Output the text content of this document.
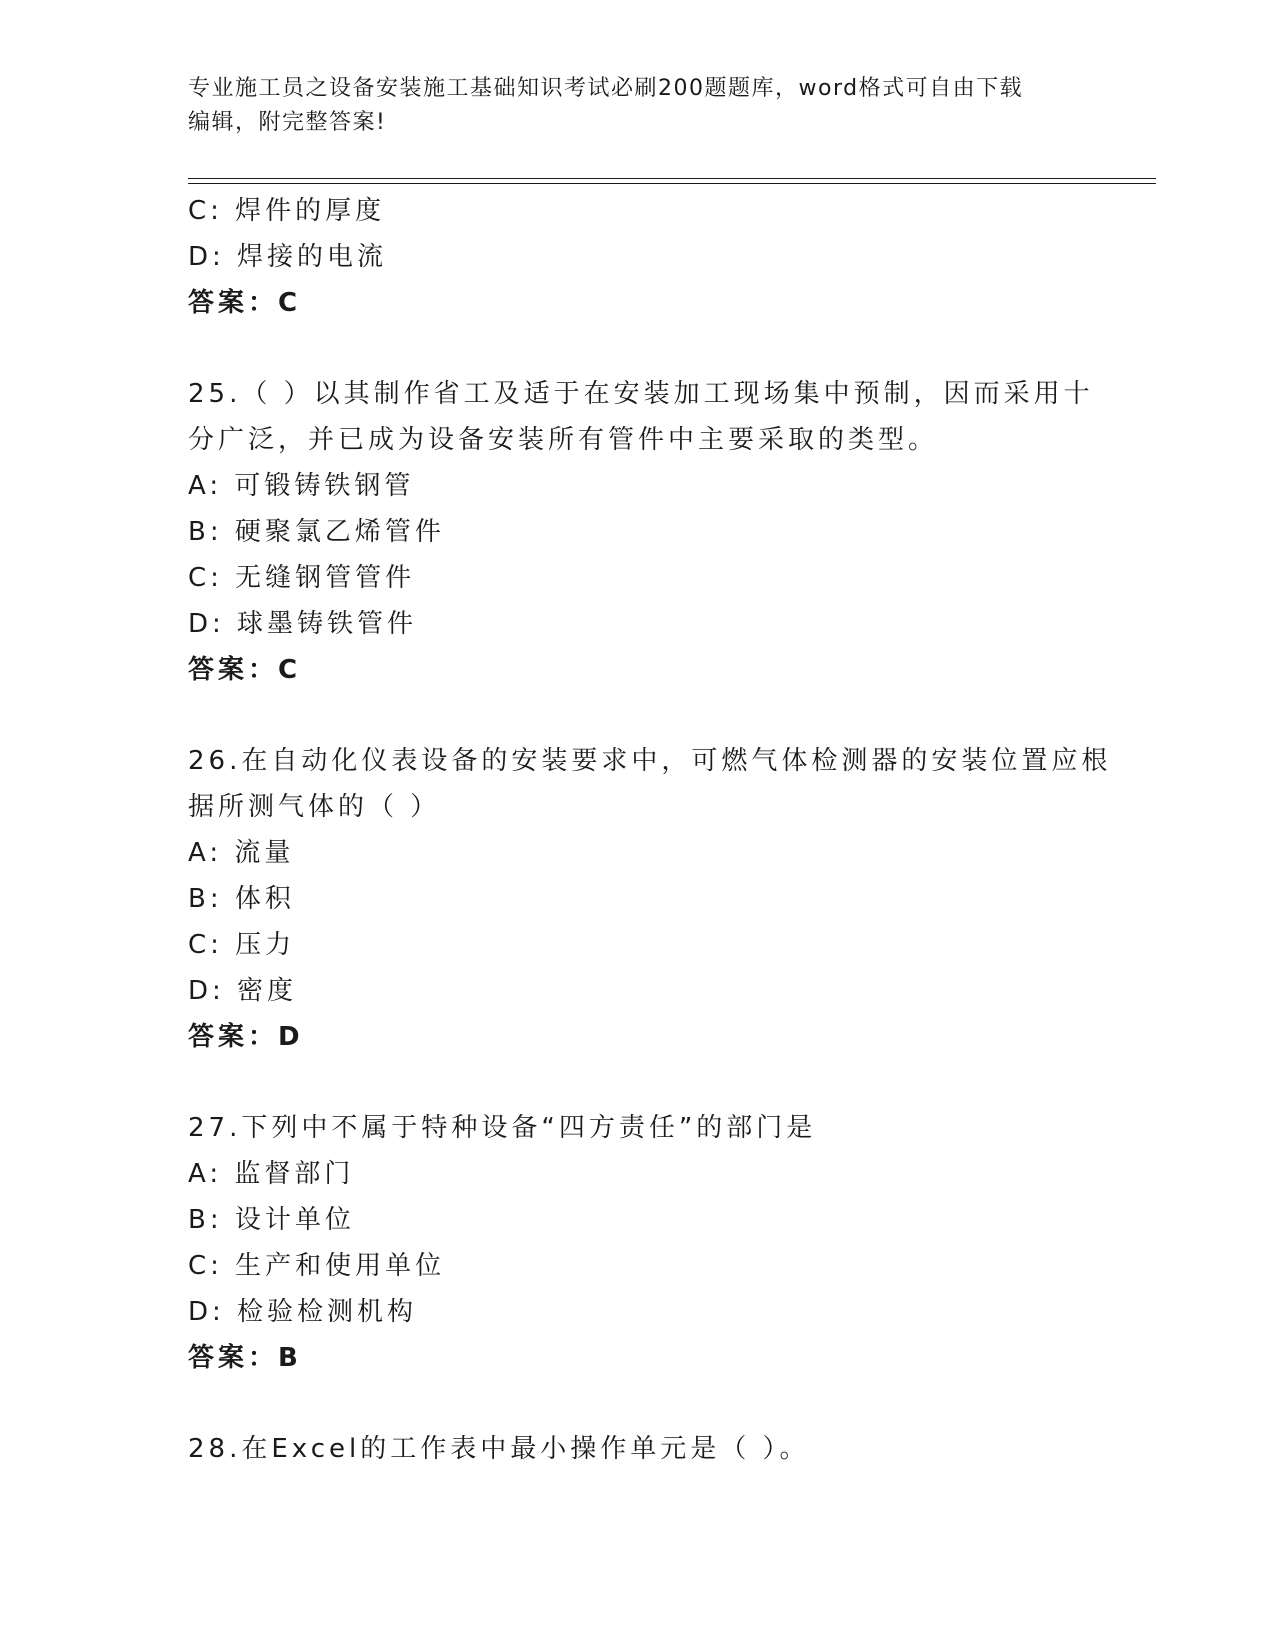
专业施工员之设备安装施工基础知识考试必刷200题题库，word格式可自由下载
编辑，附完整答案!
C: 焊件的厚度
D: 焊接的电流
答案：C
25.（ ）以其制作省工及适于在安装加工现场集中预制，因而采用十
分广泛，并已成为设备安装所有管件中主要采取的类型。
A: 可锻铸铁钢管
B: 硬聚氯乙烯管件
C: 无缝钢管管件
D: 球墨铸铁管件
答案：C
26.在自动化仪表设备的安装要求中，可燃气体检测器的安装位置应根
据所测气体的（ ）
A: 流量
B: 体积
C: 压力
D: 密度
答案：D
27.下列中不属于特种设备“四方责任”的部门是
A: 监督部门
B: 设计单位
C: 生产和使用单位
D: 检验检测机构
答案：B
28.在Excel的工作表中最小操作单元是（ ）。
